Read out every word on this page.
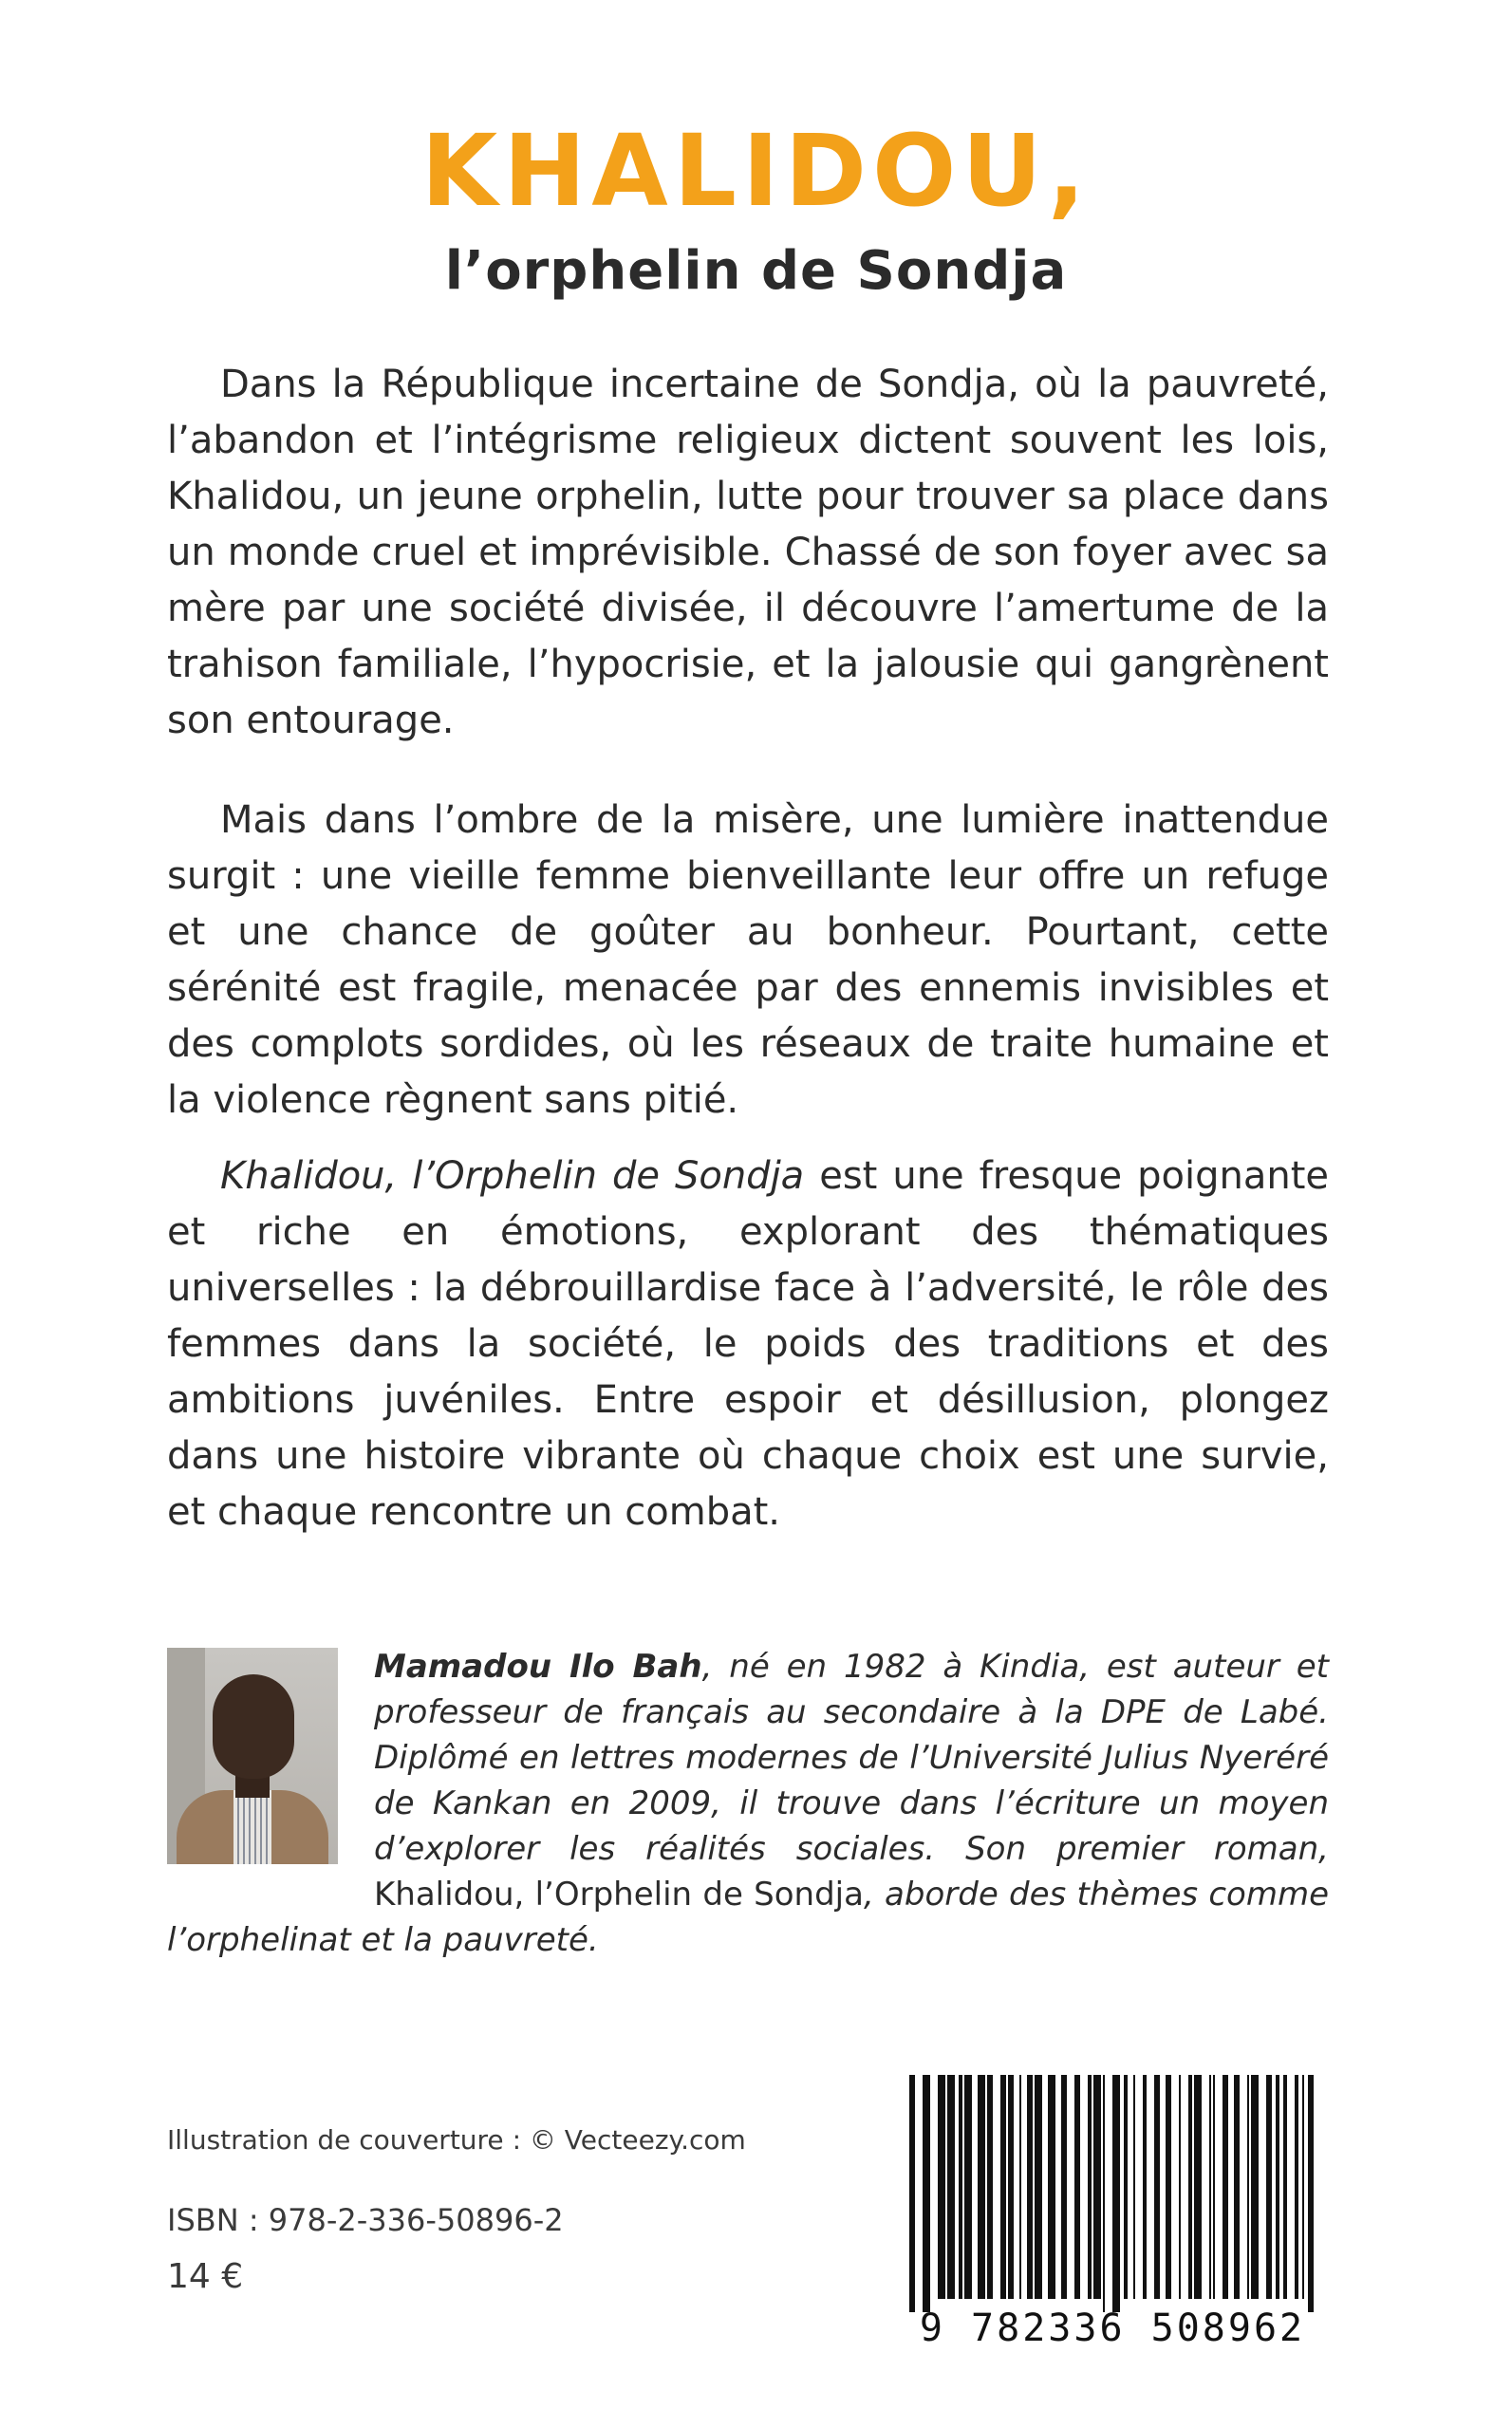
KHALIDOU,
l’orphelin de Sondja

Dans la République incertaine de Sondja, où la pauvreté, l’abandon et l’intégrisme religieux dictent souvent les lois, Khalidou, un jeune orphelin, lutte pour trouver sa place dans un monde cruel et imprévisible. Chassé de son foyer avec sa mère par une société divisée, il découvre l’amertume de la trahison familiale, l’hypocrisie, et la jalousie qui gangrènent son entourage.

Mais dans l’ombre de la misère, une lumière inattendue surgit : une vieille femme bienveillante leur offre un refuge et une chance de goûter au bonheur. Pourtant, cette sérénité est fragile, menacée par des ennemis invisibles et des complots sordides, où les réseaux de traite humaine et la violence règnent sans pitié.

Khalidou, l’Orphelin de Sondja est une fresque poignante et riche en émotions, explorant des thématiques universelles : la débrouillardise face à l’adversité, le rôle des femmes dans la société, le poids des traditions et des ambitions juvéniles. Entre espoir et désillusion, plongez dans une histoire vibrante où chaque choix est une survie, et chaque rencontre un combat.

Mamadou Ilo Bah, né en 1982 à Kindia, est auteur et professeur de français au secondaire à la DPE de Labé. Diplômé en lettres modernes de l’Université Julius Nyeréré de Kankan en 2009, il trouve dans l’écriture un moyen d’explorer les réalités sociales. Son premier roman, Khalidou, l’Orphelin de Sondja, aborde des thèmes comme l’orphelinat et la pauvreté.

Illustration de couverture : © Vecteezy.com
ISBN : 978-2-336-50896-2
14 €
9 782336 508962
